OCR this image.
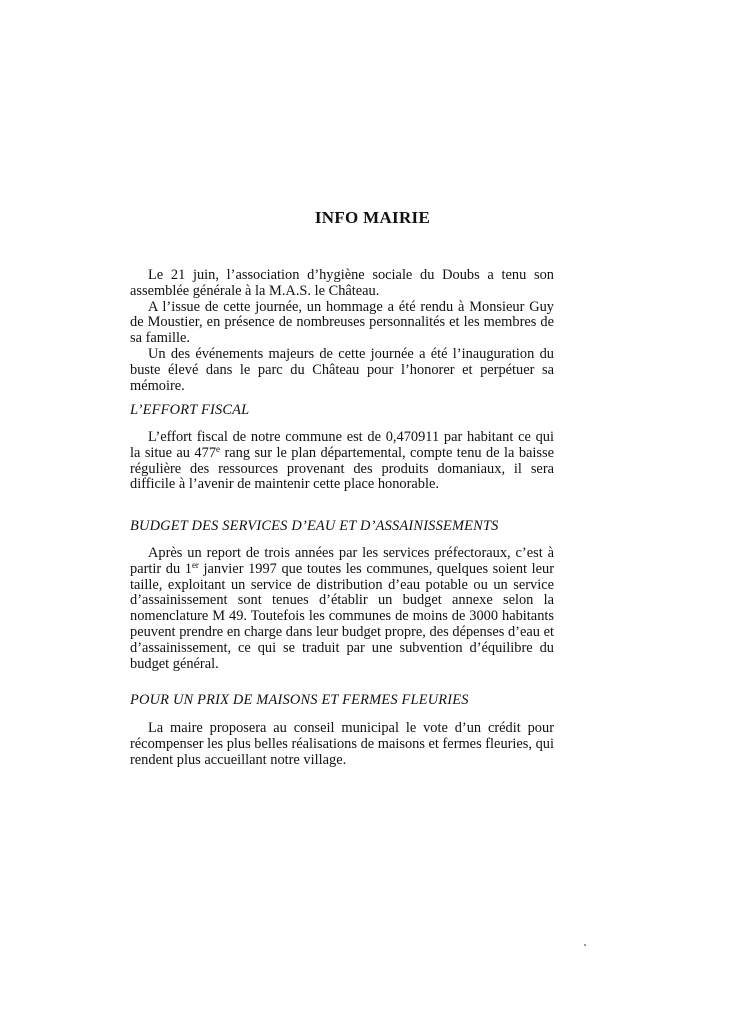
INFO MAIRIE

Le 21 juin, l’association d’hygiène sociale du Doubs a tenu son assemblée générale à la M.A.S. le Château.

A l’issue de cette journée, un hommage a été rendu à Monsieur Guy de Moustier, en présence de nombreuses personnalités et les membres de sa famille.

Un des événements majeurs de cette journée a été l’inauguration du buste élevé dans le parc du Château pour l’honorer et perpétuer sa mémoire.

L’EFFORT FISCAL

L’effort fiscal de notre commune est de 0,470911 par habitant ce qui la situe au 477e rang sur le plan départemental, compte tenu de la baisse régulière des ressources provenant des produits domaniaux, il sera difficile à l’avenir de maintenir cette place honorable.

BUDGET DES SERVICES D’EAU ET D’ASSAINISSEMENTS

Après un report de trois années par les services préfectoraux, c’est à partir du 1er janvier 1997 que toutes les communes, quelques soient leur taille, exploitant un service de distribution d’eau potable ou un service d’assainissement sont tenues d’établir un budget annexe selon la nomenclature M 49. Toutefois les communes de moins de 3000 habitants peuvent prendre en charge dans leur budget propre, des dépenses d’eau et d’assainissement, ce qui se traduit par une subvention d’équilibre du budget général.

POUR UN PRIX DE MAISONS ET FERMES FLEURIES

La maire proposera au conseil municipal le vote d’un crédit pour récompenser les plus belles réalisations de maisons et fermes fleuries, qui rendent plus accueillant notre village.
